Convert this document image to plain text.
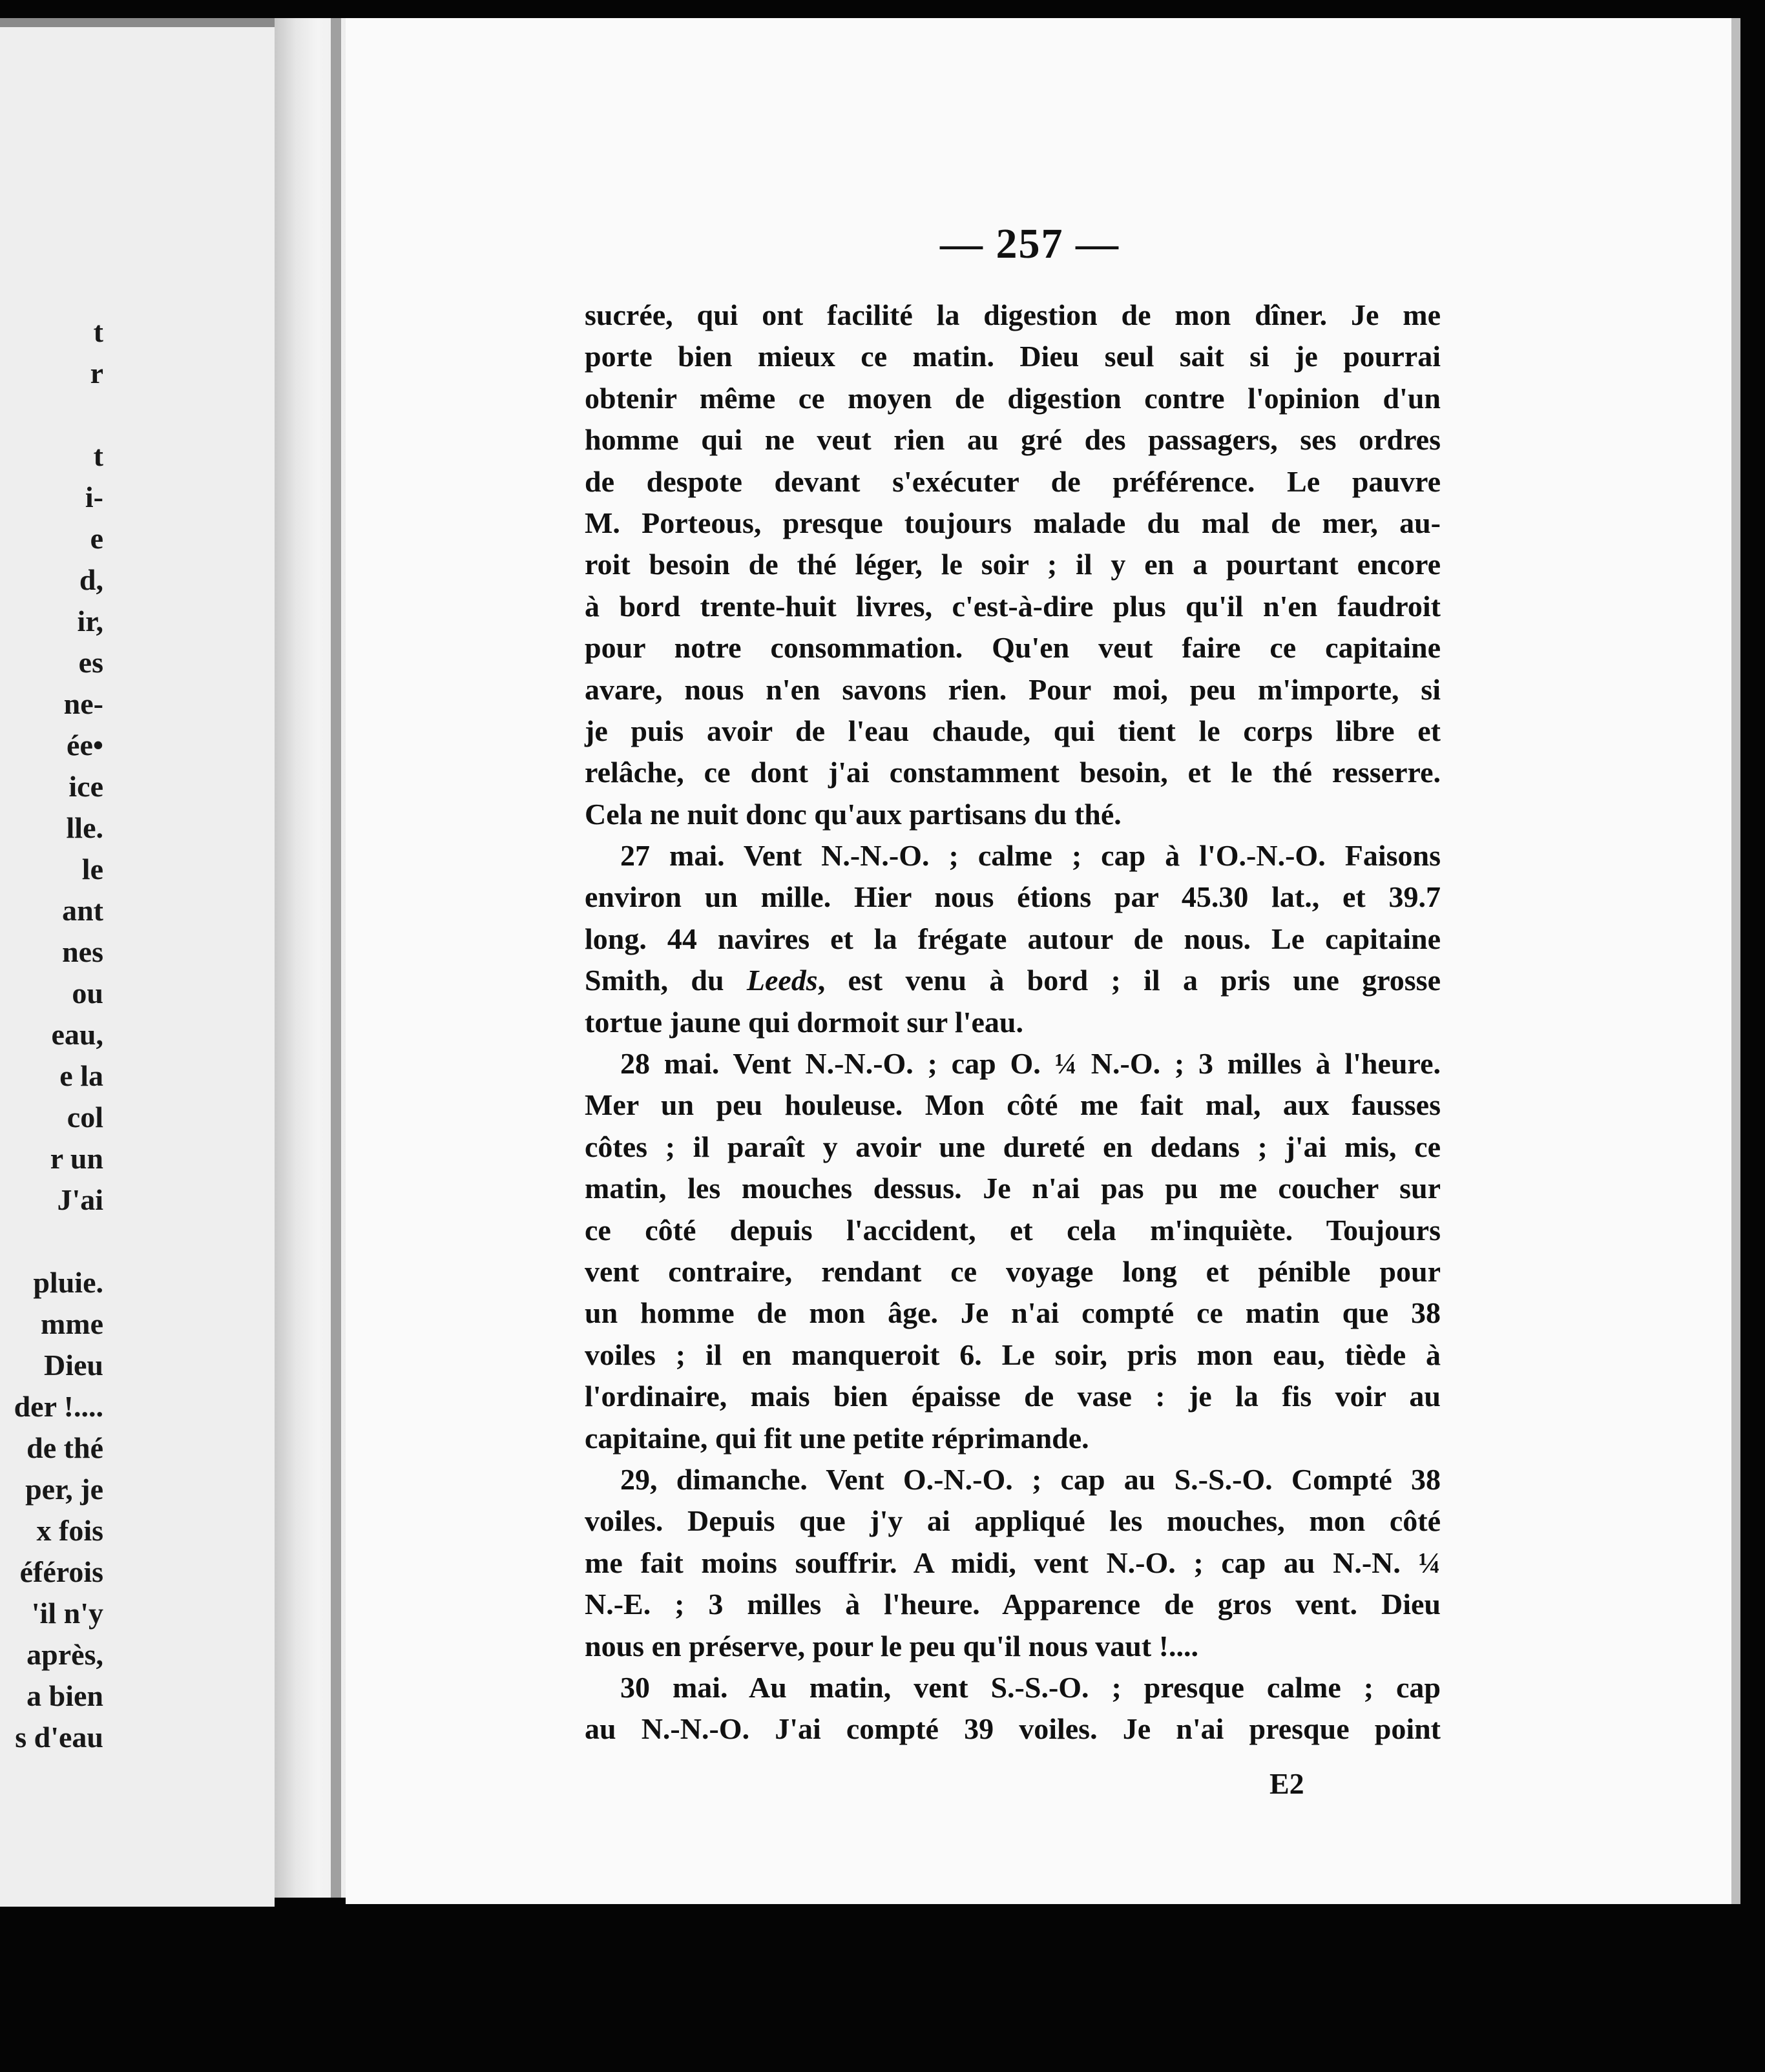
t
r
t
i-
e
d,
ir,
es
ne-
ée•
ice
lle.
le
ant
nes
ou
eau,
e la
col
r un
J'ai
pluie.
mme
Dieu
der !....
de thé
per, je
x fois
éférois
'il n'y
après,
a bien
s d'eau
— 257 —
sucrée, qui ont facilité la digestion de mon dîner. Je me
porte bien mieux ce matin. Dieu seul sait si je pourrai
obtenir même ce moyen de digestion contre l'opinion d'un
homme qui ne veut rien au gré des passagers, ses ordres
de despote devant s'exécuter de préférence. Le pauvre
M. Porteous, presque toujours malade du mal de mer, au-
roit besoin de thé léger, le soir ; il y en a pourtant encore
à bord trente-huit livres, c'est-à-dire plus qu'il n'en faudroit
pour notre consommation. Qu'en veut faire ce capitaine
avare, nous n'en savons rien. Pour moi, peu m'importe, si
je puis avoir de l'eau chaude, qui tient le corps libre et
relâche, ce dont j'ai constamment besoin, et le thé resserre.
Cela ne nuit donc qu'aux partisans du thé.
27 mai. Vent N.-N.-O. ; calme ; cap à l'O.-N.-O. Faisons
environ un mille. Hier nous étions par 45.30 lat., et 39.7
long. 44 navires et la frégate autour de nous. Le capitaine
Smith, du Leeds, est venu à bord ; il a pris une grosse
tortue jaune qui dormoit sur l'eau.
28 mai. Vent N.-N.-O. ; cap O. ¼ N.-O. ; 3 milles à l'heure.
Mer un peu houleuse. Mon côté me fait mal, aux fausses
côtes ; il paraît y avoir une dureté en dedans ; j'ai mis, ce
matin, les mouches dessus. Je n'ai pas pu me coucher sur
ce côté depuis l'accident, et cela m'inquiète. Toujours
vent contraire, rendant ce voyage long et pénible pour
un homme de mon âge. Je n'ai compté ce matin que 38
voiles ; il en manqueroit 6. Le soir, pris mon eau, tiède à
l'ordinaire, mais bien épaisse de vase : je la fis voir au
capitaine, qui fit une petite réprimande.
29, dimanche. Vent O.-N.-O. ; cap au S.-S.-O. Compté 38
voiles. Depuis que j'y ai appliqué les mouches, mon côté
me fait moins souffrir. A midi, vent N.-O. ; cap au N.-N. ¼
N.-E. ; 3 milles à l'heure. Apparence de gros vent. Dieu
nous en préserve, pour le peu qu'il nous vaut !....
30 mai. Au matin, vent S.-S.-O. ; presque calme ; cap
au N.-N.-O. J'ai compté 39 voiles. Je n'ai presque point
E2
